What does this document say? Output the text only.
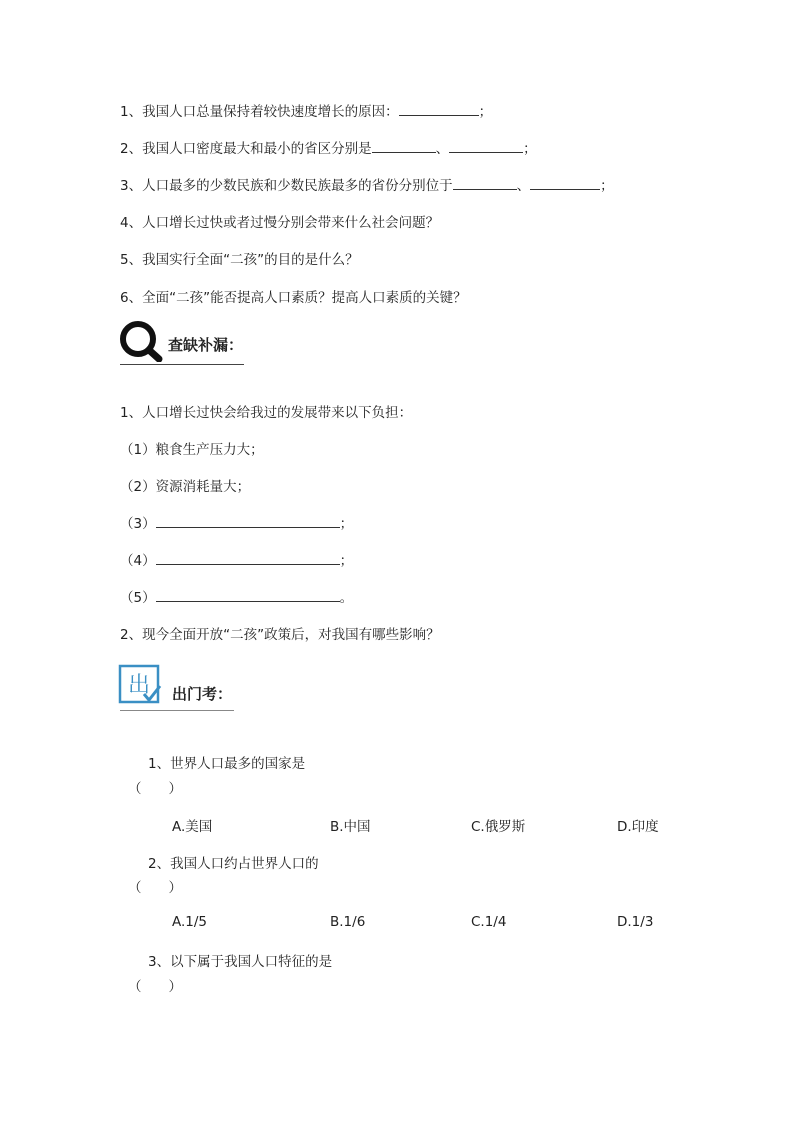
1、我国人口总量保持着较快速度增长的原因：	；
2、我国人口密度最大和最小的省区分别是	、	；
3、人口最多的少数民族和少数民族最多的省份分别位于	、	；
4、人口增长过快或者过慢分别会带来什么社会问题？
5、我国实行全面“二孩”的目的是什么？
6、全面“二孩”能否提高人口素质？提高人口素质的关键？
查缺补漏：
1、人口增长过快会给我过的发展带来以下负担：
（1）粮食生产压力大；
（2）资源消耗量大；
（3）	；
（4）	；
（5）	。
2、现今全面开放“二孩”政策后，对我国有哪些影响？
出 出门考：
1、世界人口最多的国家是
（　　）
A.美国	B.中国	C.俄罗斯	D.印度
2、我国人口约占世界人口的
（　　）
A.1/5	B.1/6	C.1/4	D.1/3
3、以下属于我国人口特征的是
（　　）
